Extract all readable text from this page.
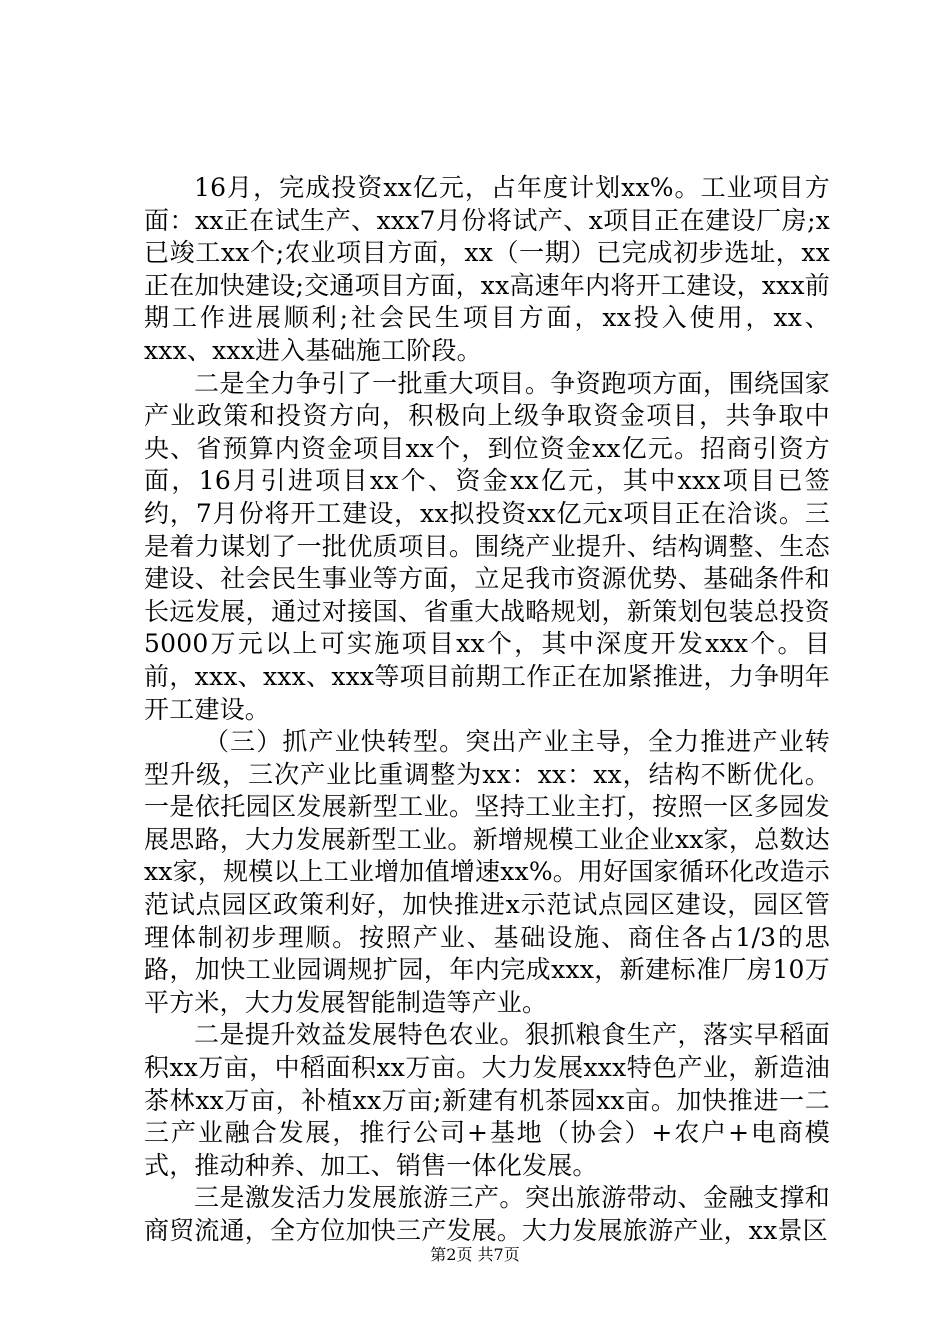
16月，完成投资xx亿元，占年度计划xx%。工业项目方面：xx正在试生产、xxx7月份将试产、x项目正在建设厂房;x已竣工xx个;农业项目方面，xx（一期）已完成初步选址，xx正在加快建设;交通项目方面，xx高速年内将开工建设，xxx前期工作进展顺利;社会民生项目方面，xx投入使用，xx、xxx、xxx进入基础施工阶段。

二是全力争引了一批重大项目。争资跑项方面，围绕国家产业政策和投资方向，积极向上级争取资金项目，共争取中央、省预算内资金项目xx个，到位资金xx亿元。招商引资方面，16月引进项目xx个、资金xx亿元，其中xxx项目已签约，7月份将开工建设，xx拟投资xx亿元x项目正在洽谈。三是着力谋划了一批优质项目。围绕产业提升、结构调整、生态建设、社会民生事业等方面，立足我市资源优势、基础条件和长远发展，通过对接国、省重大战略规划，新策划包装总投资5000万元以上可实施项目xx个，其中深度开发xxx个。目前，xxx、xxx、xxx等项目前期工作正在加紧推进，力争明年开工建设。

（三）抓产业快转型。突出产业主导，全力推进产业转型升级，三次产业比重调整为xx：xx：xx，结构不断优化。一是依托园区发展新型工业。坚持工业主打，按照一区多园发展思路，大力发展新型工业。新增规模工业企业xx家，总数达xx家，规模以上工业增加值增速xx%。用好国家循环化改造示范试点园区政策利好，加快推进x示范试点园区建设，园区管理体制初步理顺。按照产业、基础设施、商住各占1/3的思路，加快工业园调规扩园，年内完成xxx，新建标准厂房10万平方米，大力发展智能制造等产业。

二是提升效益发展特色农业。狠抓粮食生产，落实早稻面积xx万亩，中稻面积xx万亩。大力发展xxx特色产业，新造油茶林xx万亩，补植xx万亩;新建有机茶园xx亩。加快推进一二三产业融合发展，推行公司+基地（协会）+农户+电商模式，推动种养、加工、销售一体化发展。

三是激发活力发展旅游三产。突出旅游带动、金融支撑和商贸流通，全方位加快三产发展。大力发展旅游产业，xx景区

第2页 共7页
